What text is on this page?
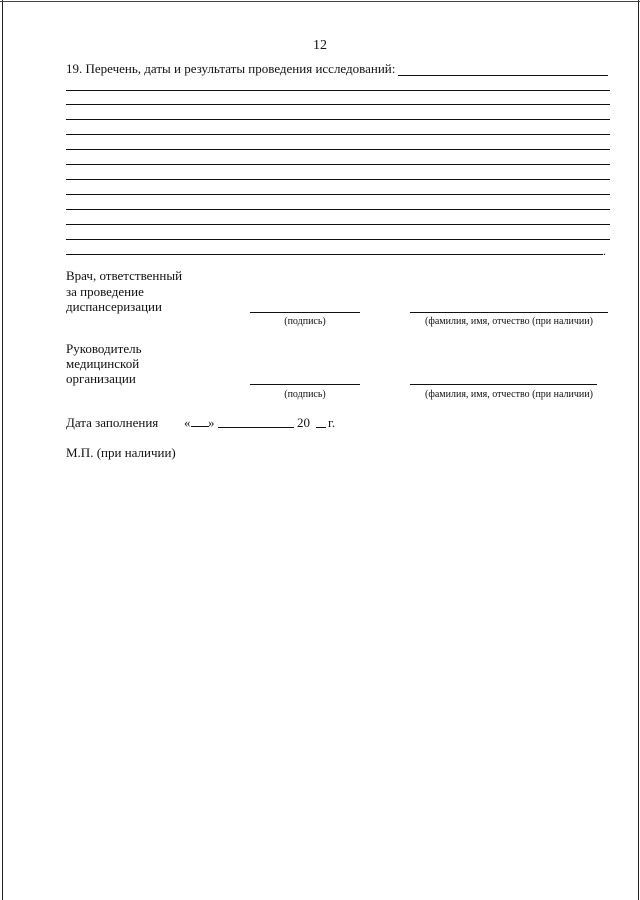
12
19. Перечень, даты и результаты проведения исследований:
.
Врач, ответственный
за проведение
диспансеризации
(подпись)	(фамилия, имя, отчество (при наличии)
Руководитель
медицинской
организации
(подпись)	(фамилия, имя, отчество (при наличии)
Дата заполнения «	»	20 г.
М.П. (при наличии)
